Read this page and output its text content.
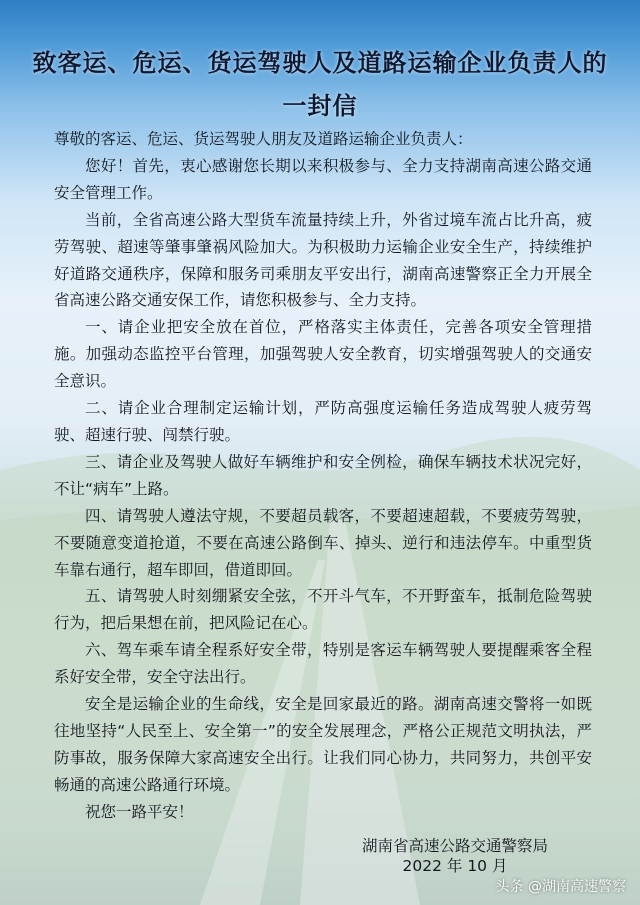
致客运、危运、货运驾驶人及道路运输企业负责人的
一封信

尊敬的客运、危运、货运驾驶人朋友及道路运输企业负责人：

您好！首先，衷心感谢您长期以来积极参与、全力支持湖南高速公路交通安全管理工作。

当前，全省高速公路大型货车流量持续上升，外省过境车流占比升高，疲劳驾驶、超速等肇事肇祸风险加大。为积极助力运输企业安全生产，持续维护好道路交通秩序，保障和服务司乘朋友平安出行，湖南高速警察正全力开展全省高速公路交通安保工作，请您积极参与、全力支持。

一、请企业把安全放在首位，严格落实主体责任，完善各项安全管理措施。加强动态监控平台管理，加强驾驶人安全教育，切实增强驾驶人的交通安全意识。

二、请企业合理制定运输计划，严防高强度运输任务造成驾驶人疲劳驾驶、超速行驶、闯禁行驶。

三、请企业及驾驶人做好车辆维护和安全例检，确保车辆技术状况完好，不让“病车”上路。

四、请驾驶人遵法守规，不要超员载客，不要超速超载，不要疲劳驾驶，不要随意变道抢道，不要在高速公路倒车、掉头、逆行和违法停车。中重型货车靠右通行，超车即回，借道即回。

五、请驾驶人时刻绷紧安全弦，不开斗气车，不开野蛮车，抵制危险驾驶行为，把后果想在前，把风险记在心。

六、驾车乘车请全程系好安全带，特别是客运车辆驾驶人要提醒乘客全程系好安全带，安全守法出行。

安全是运输企业的生命线，安全是回家最近的路。湖南高速交警将一如既往地坚持“人民至上、安全第一”的安全发展理念，严格公正规范文明执法，严防事故，服务保障大家高速安全出行。让我们同心协力，共同努力，共创平安畅通的高速公路通行环境。

祝您一路平安！

湖南省高速公路交通警察局
2022 年 10 月
头条 @湖南高速警察
